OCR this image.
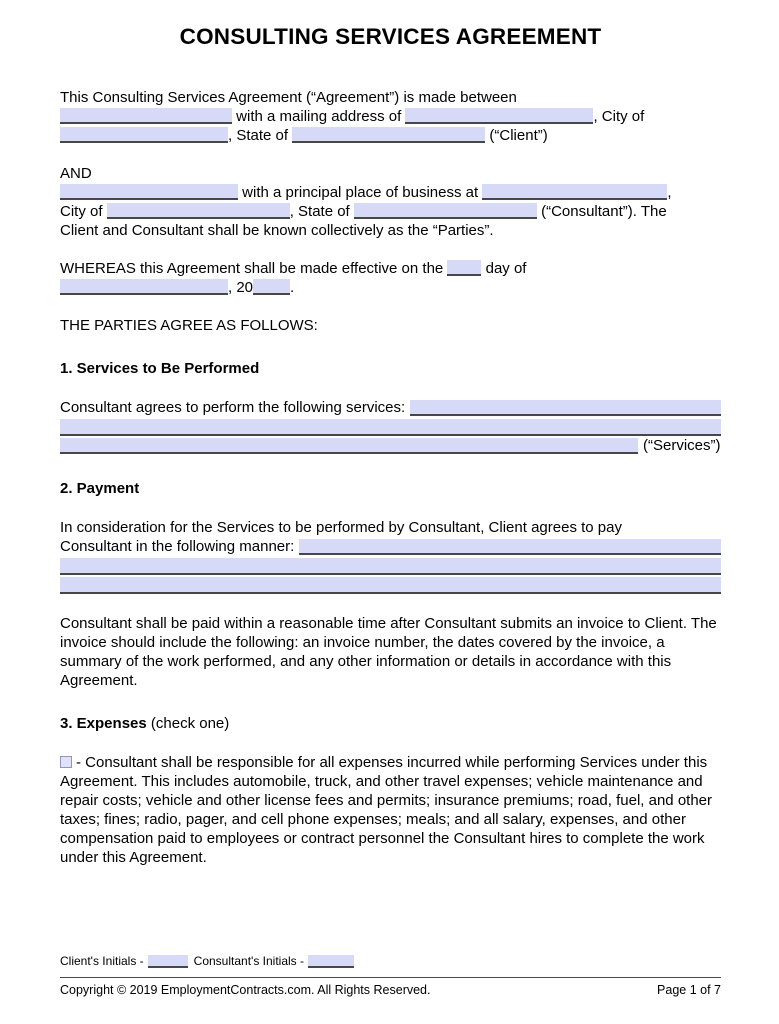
CONSULTING SERVICES AGREEMENT
This Consulting Services Agreement (“Agreement”) is made between
with a mailing address of	, City of
, State of	(“Client”)
AND
with a principal place of business at	,
City of	, State of	(“Consultant”). The
Client and Consultant shall be known collectively as the “Parties”.
WHEREAS this Agreement shall be made effective on the	day of
, 20 .
THE PARTIES AGREE AS FOLLOWS:
1. Services to Be Performed
Consultant agrees to perform the following services:
(“Services”)
2. Payment
In consideration for the Services to be performed by Consultant, Client agrees to pay
Consultant in the following manner:
Consultant shall be paid within a reasonable time after Consultant submits an invoice to Client. The invoice should include the following: an invoice number, the dates covered by the invoice, a summary of the work performed, and any other information or details in accordance with this Agreement.
3. Expenses (check one)
- Consultant shall be responsible for all expenses incurred while performing Services under this Agreement. This includes automobile, truck, and other travel expenses; vehicle maintenance and repair costs; vehicle and other license fees and permits; insurance premiums; road, fuel, and other taxes; fines; radio, pager, and cell phone expenses; meals; and all salary, expenses, and other compensation paid to employees or contract personnel the Consultant hires to complete the work under this Agreement.
Client's Initials -	Consultant's Initials -
Copyright © 2019 EmploymentContracts.com. All Rights Reserved.	Page 1 of 7
